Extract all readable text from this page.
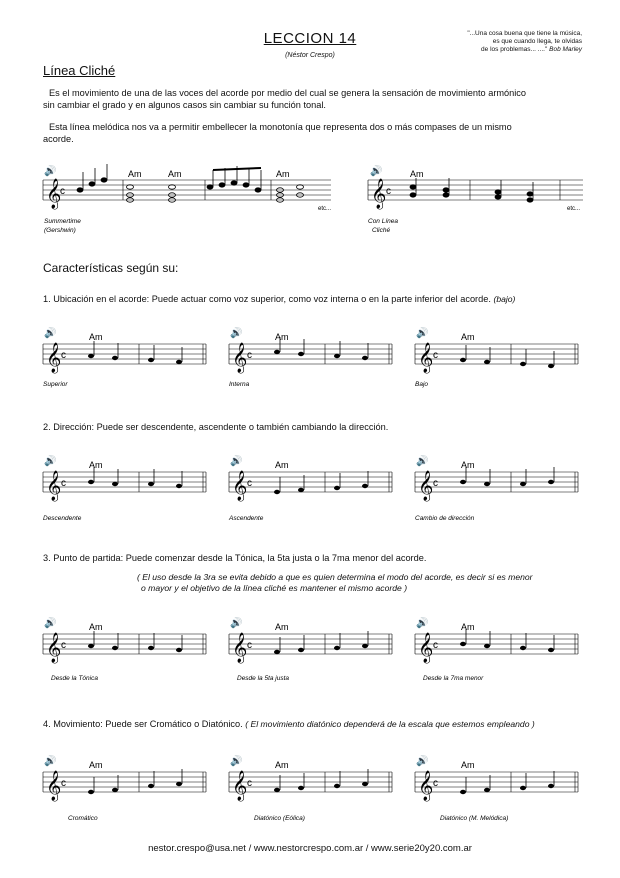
LECCION 14
(Néstor Crespo)
"...Una cosa buena que tiene la música,
es que cuando llega, te olvidas
de los problemas... ...." Bob Marley
Línea Cliché
Es el movimiento de una de las voces del acorde por medio del cual se genera la sensación de movimiento armónico
sin cambiar el grado y en algunos casos sin cambiar su función tonal.
Esta línea melódica nos va a permitir embellecer la monotonía que representa dos o más compases de un mismo
acorde.
🔊
𝄞
c
Am	Am	Am
etc...
Summertime
(Gershwin)
🔊
𝄞 c
Am
etc...
Con Línea
Cliché
Características según su:
1. Ubicación en el acorde: Puede actuar como voz superior, como voz interna o en la parte inferior del acorde. (bajo)
🔊
𝄞 c
Am
Superior
🔊
𝄞 c
Am
Interna
🔊
𝄞 c
Am
Bajo
2. Dirección: Puede ser descendente, ascendente o también cambiando la dirección.
🔊
𝄞 c
Am
Descendente
🔊
𝄞 c
Am
Ascendente
🔊
𝄞 c
Am
Cambio de dirección
3. Punto de partida: Puede comenzar desde la Tónica, la 5ta justa o la 7ma menor del acorde.
( El uso desde la 3ra se evita debido a que es quien determina el modo del acorde, es decir si es menor
o mayor y el objetivo de la línea cliché es mantener el mismo acorde )
🔊
𝄞 c
Am
Desde la Tónica
🔊
𝄞 c
Am
Desde la 5ta justa
🔊
𝄞 c
Am
Desde la 7ma menor
4. Movimiento: Puede ser Cromático o Diatónico. ( El movimiento diatónico dependerá de la escala que estemos empleando )
🔊
𝄞 c
Am
Cromático
🔊
𝄞 c
Am
Diatónico (Eólica)
🔊
𝄞 c
Am
Diatónico (M. Melódica)
nestor.crespo@usa.net / www.nestorcrespo.com.ar / www.serie20y20.com.ar
